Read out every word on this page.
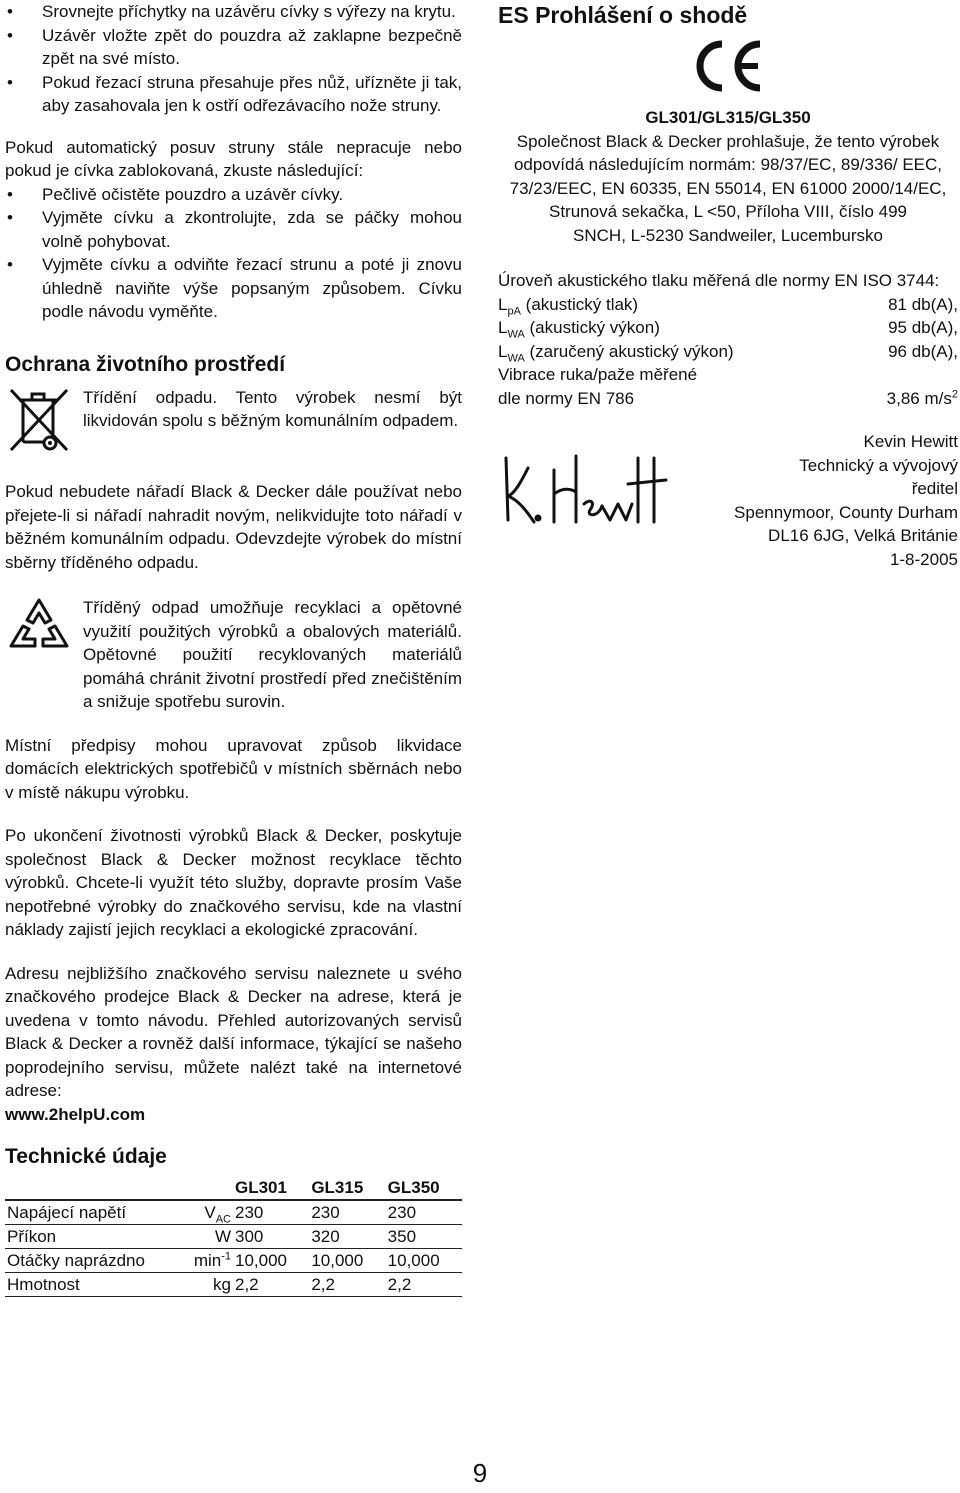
• Srovnejte příchytky na uzávěru cívky s výřezy na krytu.
• Uzávěr vložte zpět do pouzdra až zaklapne bezpečně zpět na své místo.
• Pokud řezací struna přesahuje přes nůž, uřízněte ji tak, aby zasahovala jen k ostří odřezávacího nože struny.

Pokud automatický posuv struny stále nepracuje nebo pokud je cívka zablokovaná, zkuste následující:

• Pečlivě očistěte pouzdro a uzávěr cívky.
• Vyjměte cívku a zkontrolujte, zda se páčky mohou volně pohybovat.
• Vyjměte cívku a odviňte řezací strunu a poté ji znovu úhledně naviňte výše popsaným způsobem. Cívku podle návodu vyměňte.
Ochrana životního prostředí

Třídění odpadu. Tento výrobek nesmí být likvidován spolu s běžným komunálním odpadem.

Pokud nebudete nářadí Black & Decker dále používat nebo přejete-li si nářadí nahradit novým, nelikvidujte toto nářadí v běžném komunálním odpadu. Odevzdejte výrobek do místní sběrny tříděného odpadu.

Tříděný odpad umožňuje recyklaci a opětovné využití použitých výrobků a obalových materiálů. Opětovné použití recyklovaných materiálů pomáhá chránit životní prostředí před znečištěním a snižuje spotřebu surovin.

Místní předpisy mohou upravovat způsob likvidace domácích elektrických spotřebičů v místních sběrnách nebo v místě nákupu výrobku.

Po ukončení životnosti výrobků Black & Decker, poskytuje společnost Black & Decker možnost recyklace těchto výrobků. Chcete-li využít této služby, dopravte prosím Vaše nepotřebné výrobky do značkového servisu, kde na vlastní náklady zajistí jejich recyklaci a ekologické zpracování.

Adresu nejbližšího značkového servisu naleznete u svého značkového prodejce Black & Decker na adrese, která je uvedena v tomto návodu. Přehled autorizovaných servisů Black & Decker a rovněž další informace, týkající se našeho poprodejního servisu, můžete nalézt také na internetové adrese:

www.2helpU.com

Technické údaje
		GL301	GL315	GL350
Napájecí napětí	$V_{AC}$	230	230	230
Příkon	W	300	320	350
Otáčky naprázdno	$\min^{-1}$	10,000	10,000	10,000
Hmotnost	kg	2,2	2,2	2,2
ES Prohlášení o shodě

GL301/GL315/GL350

Společnost Black & Decker prohlašuje, že tento výrobek odpovídá následujícím normám: 98/37/EC, 89/336/ EEC, 73/23/EEC, EN 60335, EN 55014, EN 61000 2000/14/EC, Strunová sekačka, L <50, Příloha VIII, číslo 499

SNCH, L-5230 Sandweiler, Lucembursko

Úroveň akustického tlaku měřená dle normy EN ISO 3744:

$L_{pA}$ (akustický tlak)	81 db(A),
$L_{WA}$ (akustický výkon)	95 db(A),
$L_{WA}$ (zaručený akustický výkon)	96 db(A),

Vibrace ruka/paže měřené

dle normy EN 786	3,86 $m/s^2$

Kevin Hewitt

Technický a vývojový

ředitel

Spennymoor, County Durham

DL16 6JG, Velká Británie

1-8-2005

9
